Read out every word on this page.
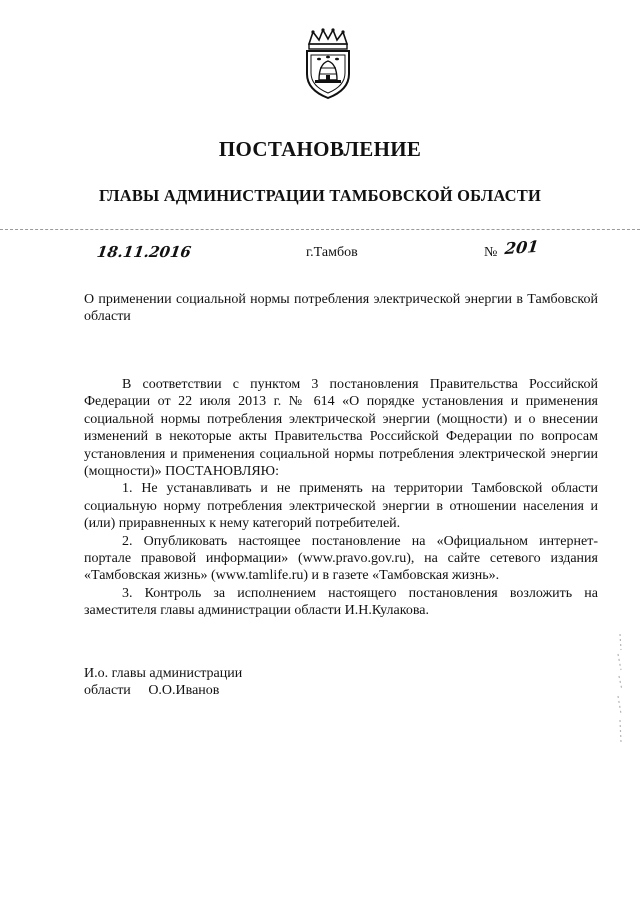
ПОСТАНОВЛЕНИЕ
ГЛАВЫ АДМИНИСТРАЦИИ ТАМБОВСКОЙ ОБЛАСТИ
18.11.2016	г.Тамбов	№ 201
О применении социальной нормы потребления электрической энергии в Тамбовской области

В соответствии с пунктом 3 постановления Правительства Российской Федерации от 22 июля 2013 г. № 614 «О порядке установления и применения социальной нормы потребления электрической энергии (мощности) и о внесении изменений в некоторые акты Правительства Российской Федерации по вопросам установления и применения социальной нормы потребления электрической энергии (мощности)» ПОСТАНОВЛЯЮ:

1. Не устанавливать и не применять на территории Тамбовской области социальную норму потребления электрической энергии в отношении населения и (или) приравненных к нему категорий потребителей.

2. Опубликовать настоящее постановление на «Официальном интернет-портале правовой информации» (www.pravo.gov.ru), на сайте сетевого издания «Тамбовская жизнь» (www.tamlife.ru) и в газете «Тамбовская жизнь».

3. Контроль за исполнением настоящего постановления возложить на заместителя главы администрации области И.Н.Кулакова.

И.о. главы администрации
области О.О.Иванов
